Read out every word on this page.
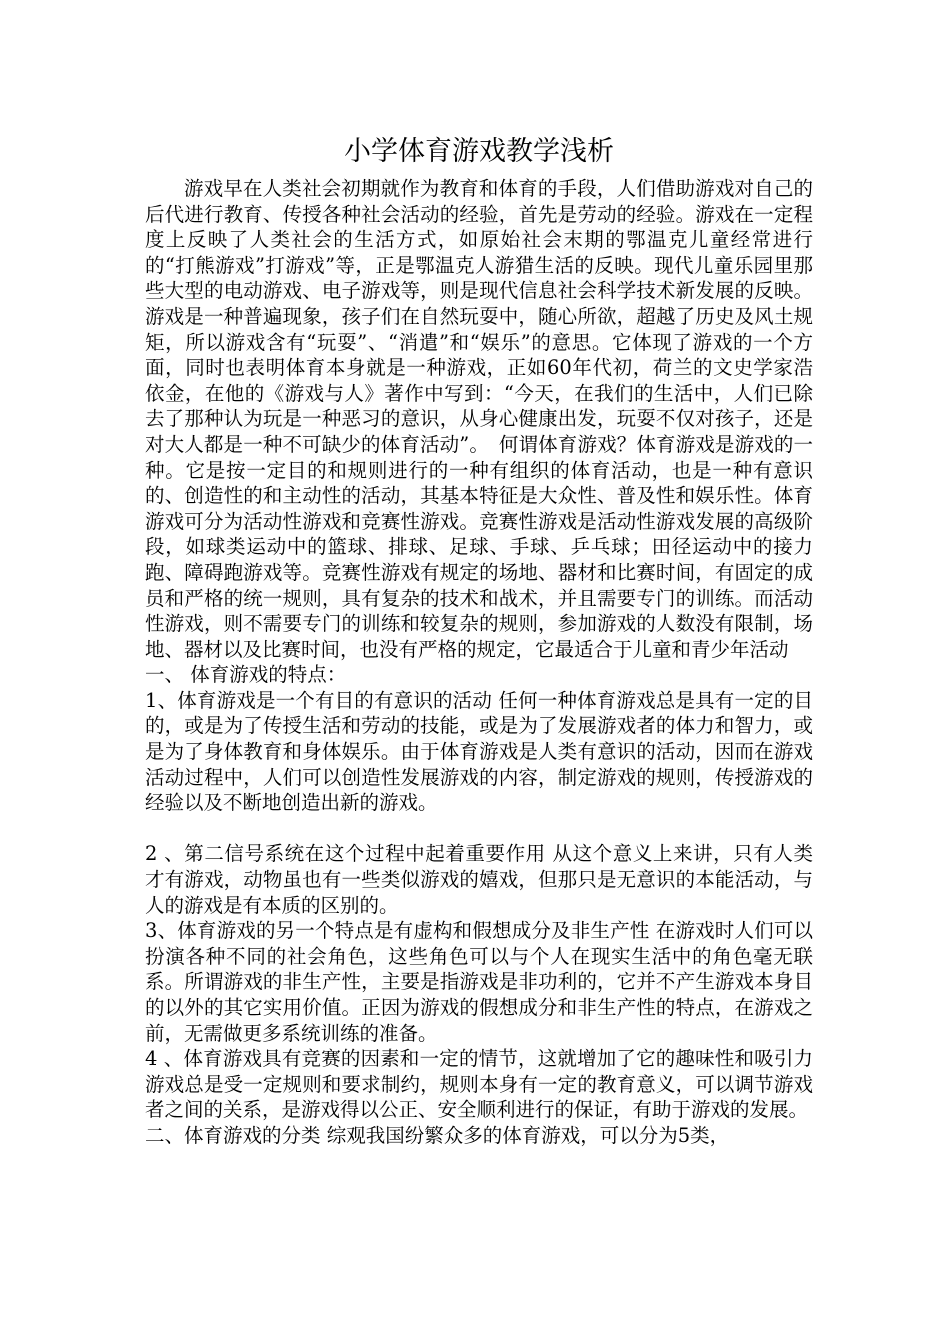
小学体育游戏教学浅析

游戏早在人类社会初期就作为教育和体育的手段，人们借助游戏对自己的后代进行教育、传授各种社会活动的经验，首先是劳动的经验。游戏在一定程度上反映了人类社会的生活方式，如原始社会末期的鄂温克儿童经常进行的“打熊游戏”打游戏”等，正是鄂温克人游猎生活的反映。现代儿童乐园里那些大型的电动游戏、电子游戏等，则是现代信息社会科学技术新发展的反映。游戏是一种普遍现象，孩子们在自然玩耍中，随心所欲，超越了历史及风土规矩，所以游戏含有“玩耍”、“消遣”和“娱乐”的意思。它体现了游戏的一个方面，同时也表明体育本身就是一种游戏，正如60年代初，荷兰的文史学家浩依金，在他的《游戏与人》著作中写到：“今天，在我们的生活中，人们已除去了那种认为玩是一种恶习的意识，从身心健康出发，玩耍不仅对孩子，还是对大人都是一种不可缺少的体育活动”。　何谓体育游戏？体育游戏是游戏的一种。它是按一定目的和规则进行的一种有组织的体育活动，也是一种有意识的、创造性的和主动性的活动，其基本特征是大众性、普及性和娱乐性。体育游戏可分为活动性游戏和竞赛性游戏。竞赛性游戏是活动性游戏发展的高级阶段，如球类运动中的篮球、排球、足球、手球、乒乓球；田径运动中的接力跑、障碍跑游戏等。竞赛性游戏有规定的场地、器材和比赛时间，有固定的成员和严格的统一规则，具有复杂的技术和战术，并且需要专门的训练。而活动性游戏，则不需要专门的训练和较复杂的规则，参加游戏的人数没有限制，场地、器材以及比赛时间，也没有严格的规定，它最适合于儿童和青少年活动

一、 体育游戏的特点：

1、体育游戏是一个有目的有意识的活动 任何一种体育游戏总是具有一定的目的，或是为了传授生活和劳动的技能，或是为了发展游戏者的体力和智力，或是为了身体教育和身体娱乐。由于体育游戏是人类有意识的活动，因而在游戏活动过程中，人们可以创造性发展游戏的内容，制定游戏的规则，传授游戏的经验以及不断地创造出新的游戏。

2 、第二信号系统在这个过程中起着重要作用 从这个意义上来讲，只有人类才有游戏，动物虽也有一些类似游戏的嬉戏，但那只是无意识的本能活动，与人的游戏是有本质的区别的。

3、体育游戏的另一个特点是有虚构和假想成分及非生产性 在游戏时人们可以扮演各种不同的社会角色，这些角色可以与个人在现实生活中的角色毫无联系。所谓游戏的非生产性，主要是指游戏是非功利的，它并不产生游戏本身目的以外的其它实用价值。正因为游戏的假想成分和非生产性的特点，在游戏之前，无需做更多系统训练的准备。

4 、体育游戏具有竞赛的因素和一定的情节，这就增加了它的趣味性和吸引力 游戏总是受一定规则和要求制约，规则本身有一定的教育意义，可以调节游戏者之间的关系，是游戏得以公正、安全顺利进行的保证，有助于游戏的发展。

二、体育游戏的分类 综观我国纷繁众多的体育游戏，可以分为5类，
